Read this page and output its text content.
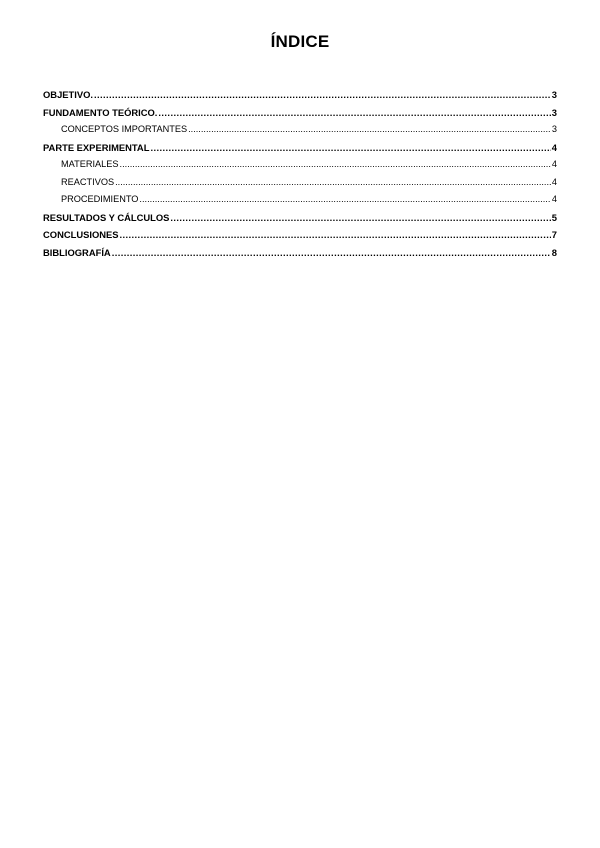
ÍNDICE
OBJETIVO. .....	3
FUNDAMENTO TEÓRICO. .....	3
CONCEPTOS IMPORTANTES .....	3
PARTE EXPERIMENTAL .....	4
MATERIALES .....	4
REACTIVOS .....	4
PROCEDIMIENTO .....	4
RESULTADOS Y CÁLCULOS .....	5
CONCLUSIONES .....	7
BIBLIOGRAFÍA .....	8
